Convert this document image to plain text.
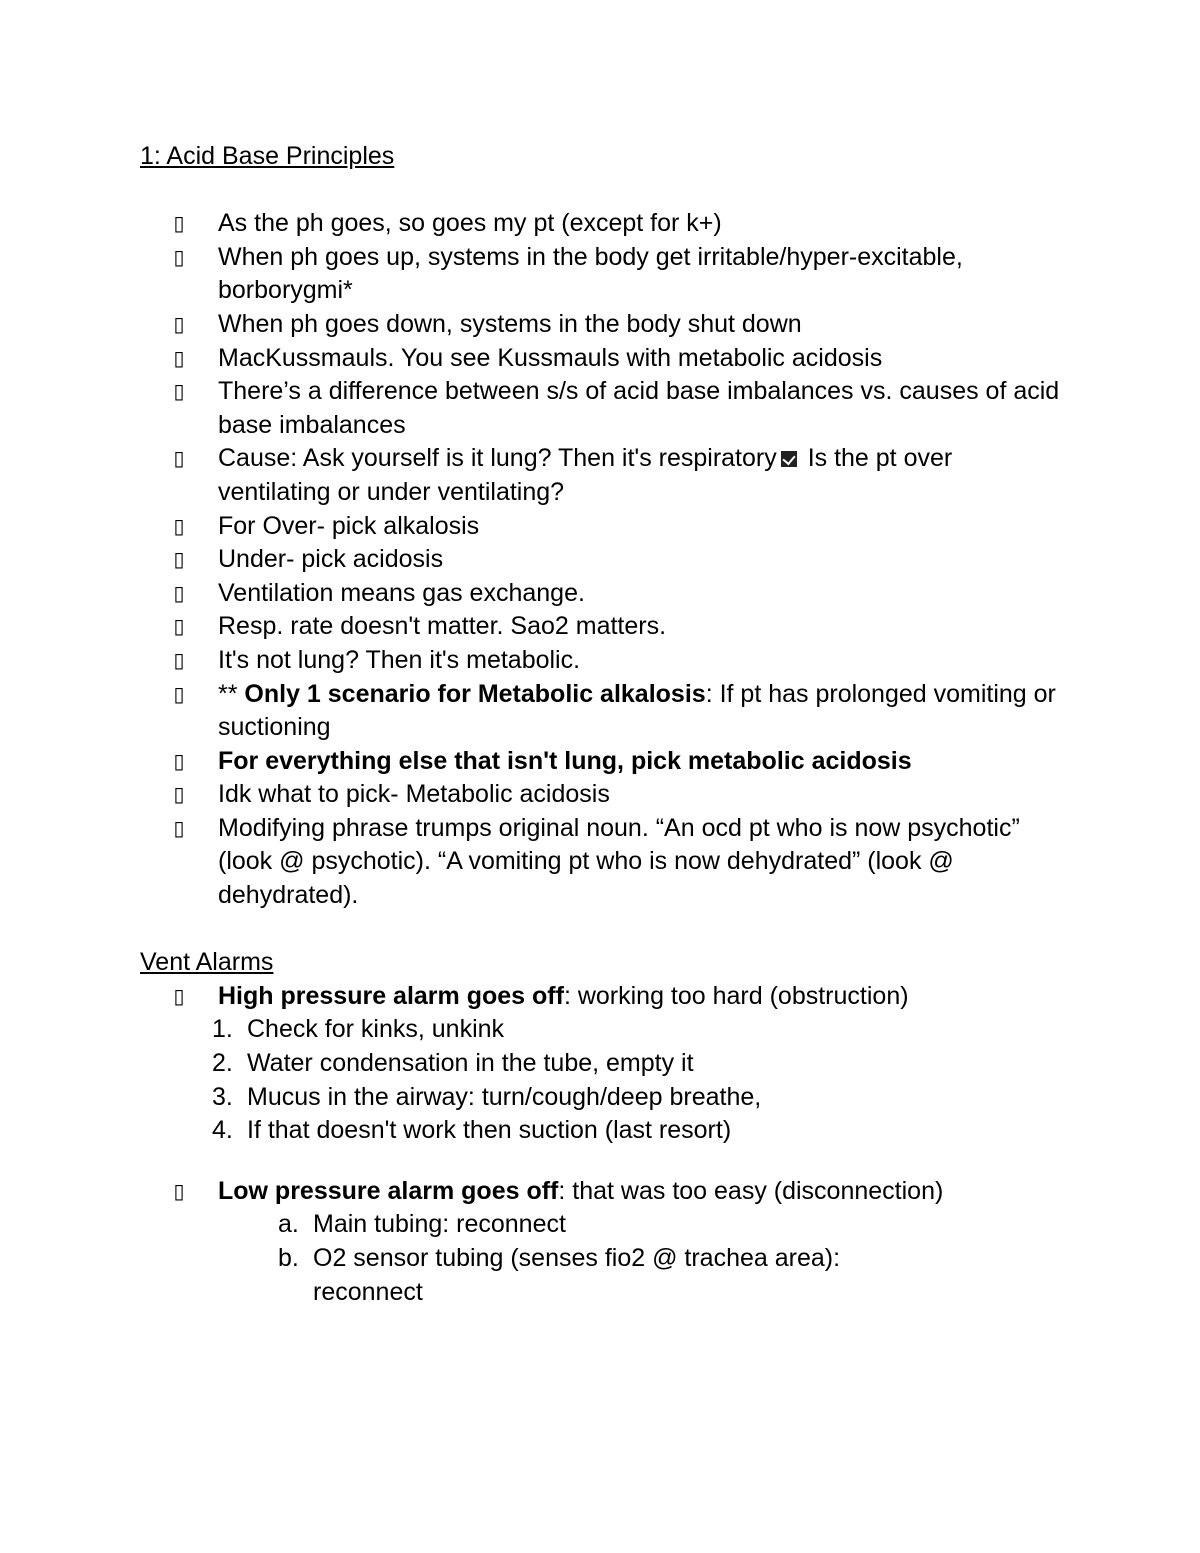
1: Acid Base Principles

▯ As the ph goes, so goes my pt (except for k+)
▯ When ph goes up, systems in the body get irritable/hyper-excitable, borborygmi*
▯ When ph goes down, systems in the body shut down
▯ MacKussmauls. You see Kussmauls with metabolic acidosis
▯ There’s a difference between s/s of acid base imbalances vs. causes of acid base imbalances
▯ Cause: Ask yourself is it lung? Then it's respiratory Is the pt over ventilating or under ventilating?
▯ For Over- pick alkalosis
▯ Under- pick acidosis
▯ Ventilation means gas exchange.
▯ Resp. rate doesn't matter. Sao2 matters.
▯ It's not lung? Then it's metabolic.
▯ ** Only 1 scenario for Metabolic alkalosis: If pt has prolonged vomiting or suctioning
▯ For everything else that isn't lung, pick metabolic acidosis
▯ Idk what to pick- Metabolic acidosis
▯ Modifying phrase trumps original noun. “An ocd pt who is now psychotic” (look @ psychotic). “A vomiting pt who is now dehydrated” (look @ dehydrated).

Vent Alarms

▯ High pressure alarm goes off: working too hard (obstruction)
1. Check for kinks, unkink
2. Water condensation in the tube, empty it
3. Mucus in the airway: turn/cough/deep breathe,
4. If that doesn't work then suction (last resort)
▯ Low pressure alarm goes off: that was too easy (disconnection)
a. Main tubing: reconnect
b. O2 sensor tubing (senses fio2 @ trachea area): reconnect
